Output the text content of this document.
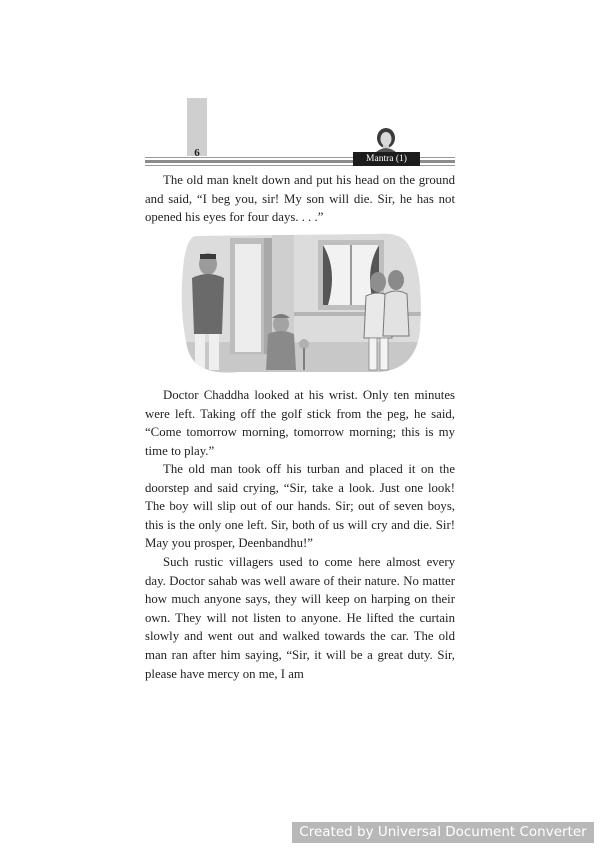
6	Mantra (1)

The old man knelt down and put his head on the ground and said, “I beg you, sir! My son will die. Sir, he has not opened his eyes for four days. . . .”

Doctor Chaddha looked at his wrist. Only ten minutes were left. Taking off the golf stick from the peg, he said, “Come tomorrow morning, tomorrow morning; this is my time to play.”

The old man took off his turban and placed it on the doorstep and said crying, “Sir, take a look. Just one look! The boy will slip out of our hands. Sir; out of seven boys, this is the only one left. Sir, both of us will cry and die. Sir! May you prosper, Deenbandhu!”

Such rustic villagers used to come here almost every day. Doctor sahab was well aware of their nature. No matter how much anyone says, they will keep on harping on their own. They will not listen to anyone. He lifted the curtain slowly and went out and walked towards the car. The old man ran after him saying, “Sir, it will be a great duty. Sir, please have mercy on me, I am

Created by Universal Document Converter
